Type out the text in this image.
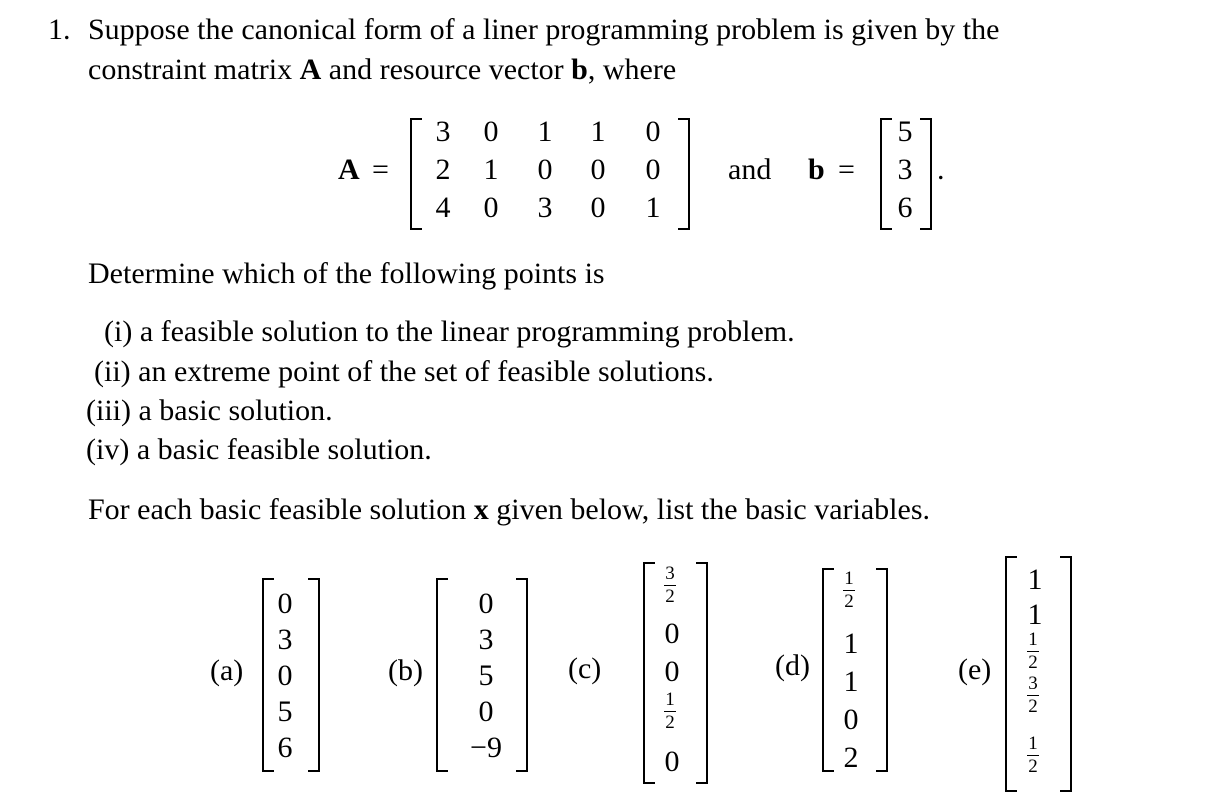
1. Suppose the canonical form of a liner programming problem is given by the
constraint matrix A and resource vector b, where
A =
3	0	1	1	0
2	1	0	0	0
4	0	3	0	1
and b =
5
3
6
.
Determine which of the following points is
(i) a feasible solution to the linear programming problem.
(ii) an extreme point of the set of feasible solutions.
(iii) a basic solution.
(iv) a basic feasible solution.
For each basic feasible solution x given below, list the basic variables.
(a)
0
3
0
5
6
(b)
0
3
5
0
−9
(c)
3
2
0
0
1
2
0
(d)
1
2
1
1
0
2
(e)
1
1
1
2
3
2
1
2
